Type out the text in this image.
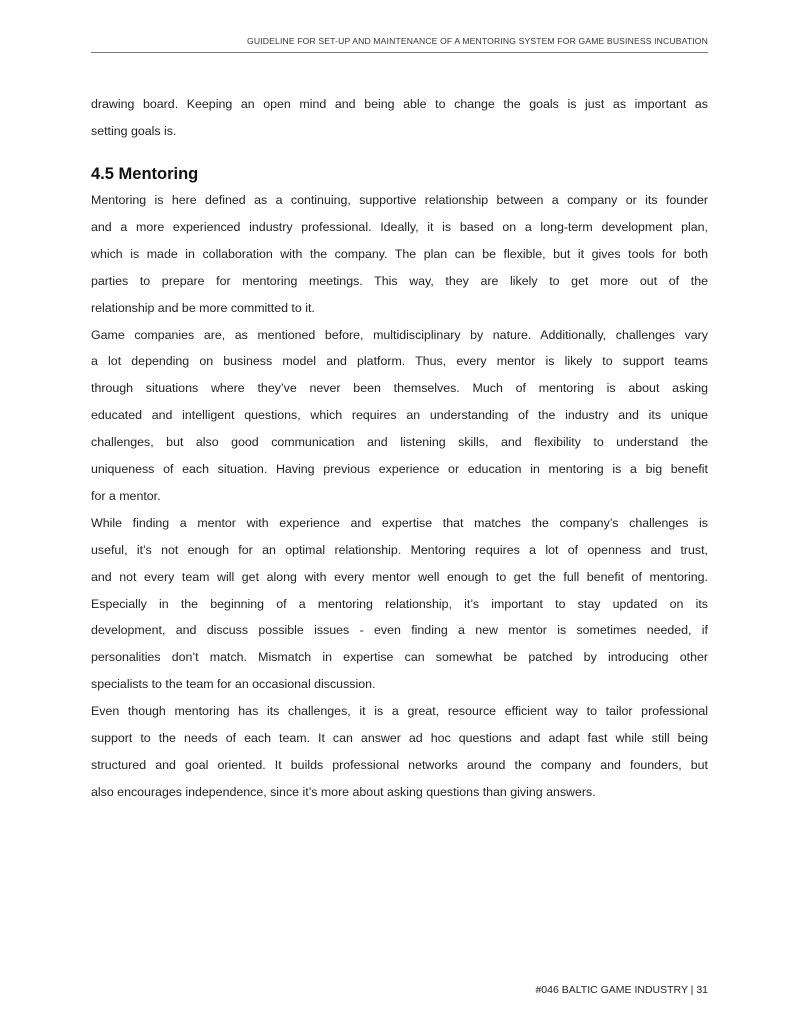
GUIDELINE FOR SET-UP AND MAINTENANCE OF A MENTORING SYSTEM FOR GAME BUSINESS INCUBATION
drawing board. Keeping an open mind and being able to change the goals is just as important as
setting goals is.
Mentoring is here defined as a continuing, supportive relationship between a company or its founder
and a more experienced industry professional. Ideally, it is based on a long-term development plan,
which is made in collaboration with the company. The plan can be flexible, but it gives tools for both
parties to prepare for mentoring meetings. This way, they are likely to get more out of the
relationship and be more committed to it.
Game companies are, as mentioned before, multidisciplinary by nature. Additionally, challenges vary
a lot depending on business model and platform. Thus, every mentor is likely to support teams
through situations where they’ve never been themselves. Much of mentoring is about asking
educated and intelligent questions, which requires an understanding of the industry and its unique
challenges, but also good communication and listening skills, and flexibility to understand the
uniqueness of each situation. Having previous experience or education in mentoring is a big benefit
for a mentor.
While finding a mentor with experience and expertise that matches the company’s challenges is
useful, it’s not enough for an optimal relationship. Mentoring requires a lot of openness and trust,
and not every team will get along with every mentor well enough to get the full benefit of mentoring.
Especially in the beginning of a mentoring relationship, it’s important to stay updated on its
development, and discuss possible issues - even finding a new mentor is sometimes needed, if
personalities don’t match. Mismatch in expertise can somewhat be patched by introducing other
specialists to the team for an occasional discussion.
Even though mentoring has its challenges, it is a great, resource efficient way to tailor professional
support to the needs of each team. It can answer ad hoc questions and adapt fast while still being
structured and goal oriented. It builds professional networks around the company and founders, but
also encourages independence, since it’s more about asking questions than giving answers.
4.5 Mentoring
#046 BALTIC GAME INDUSTRY | 31
